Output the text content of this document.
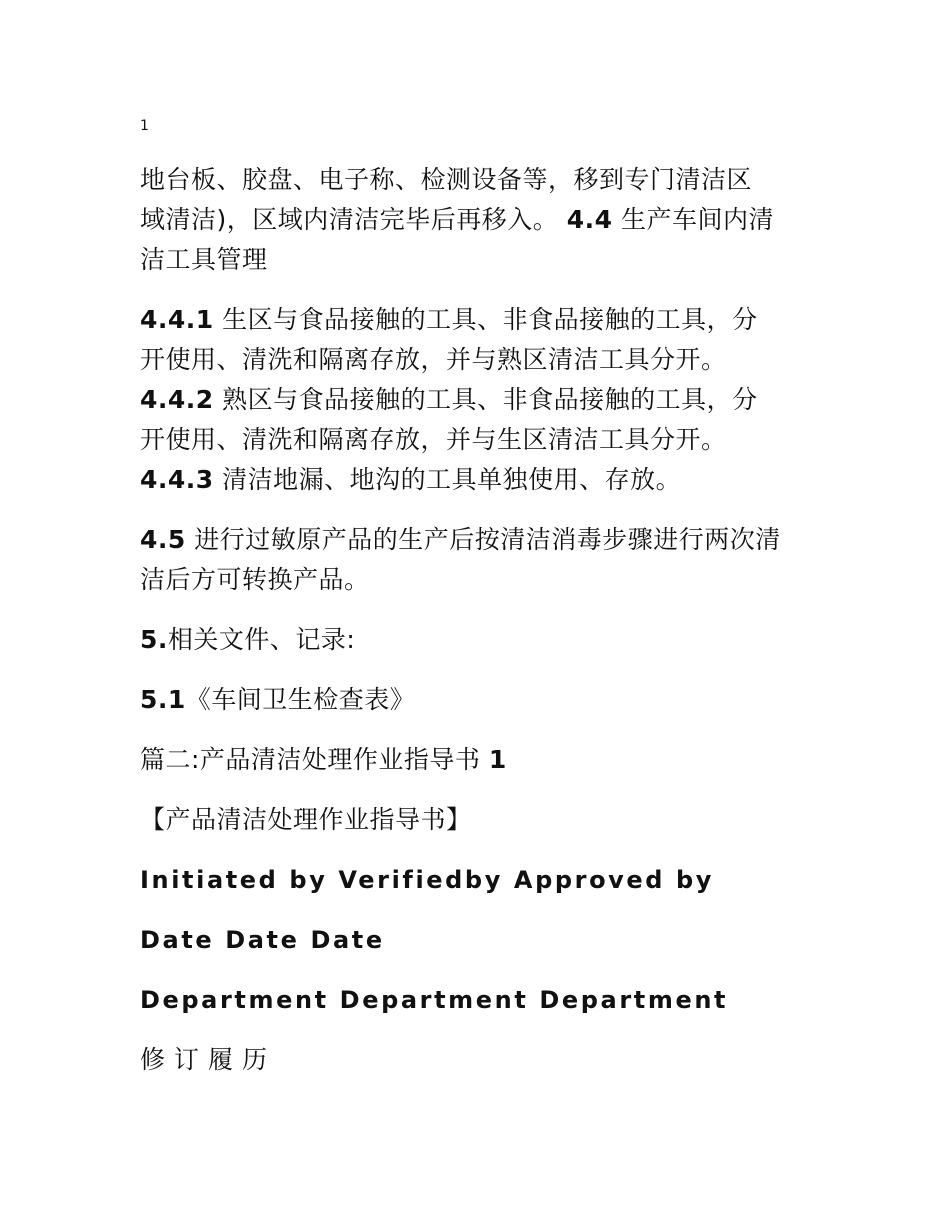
1

地台板、胶盘、电子称、检测设备等，移到专门清洁区
域清洁)，区域内清洁完毕后再移入。 4.4 生产车间内清
洁工具管理

4.4.1 生区与食品接触的工具、非食品接触的工具，分
开使用、清洗和隔离存放，并与熟区清洁工具分开。
4.4.2 熟区与食品接触的工具、非食品接触的工具，分
开使用、清洗和隔离存放，并与生区清洁工具分开。
4.4.3 清洁地漏、地沟的工具单独使用、存放。

4.5 进行过敏原产品的生产后按清洁消毒步骤进行两次清
洁后方可转换产品。

5.相关文件、记录:

5.1《车间卫生检查表》

篇二:产品清洁处理作业指导书 1

【产品清洁处理作业指导书】

Initiated by Verifiedby Approved by

Date Date Date

Department Department Department

修订履历
